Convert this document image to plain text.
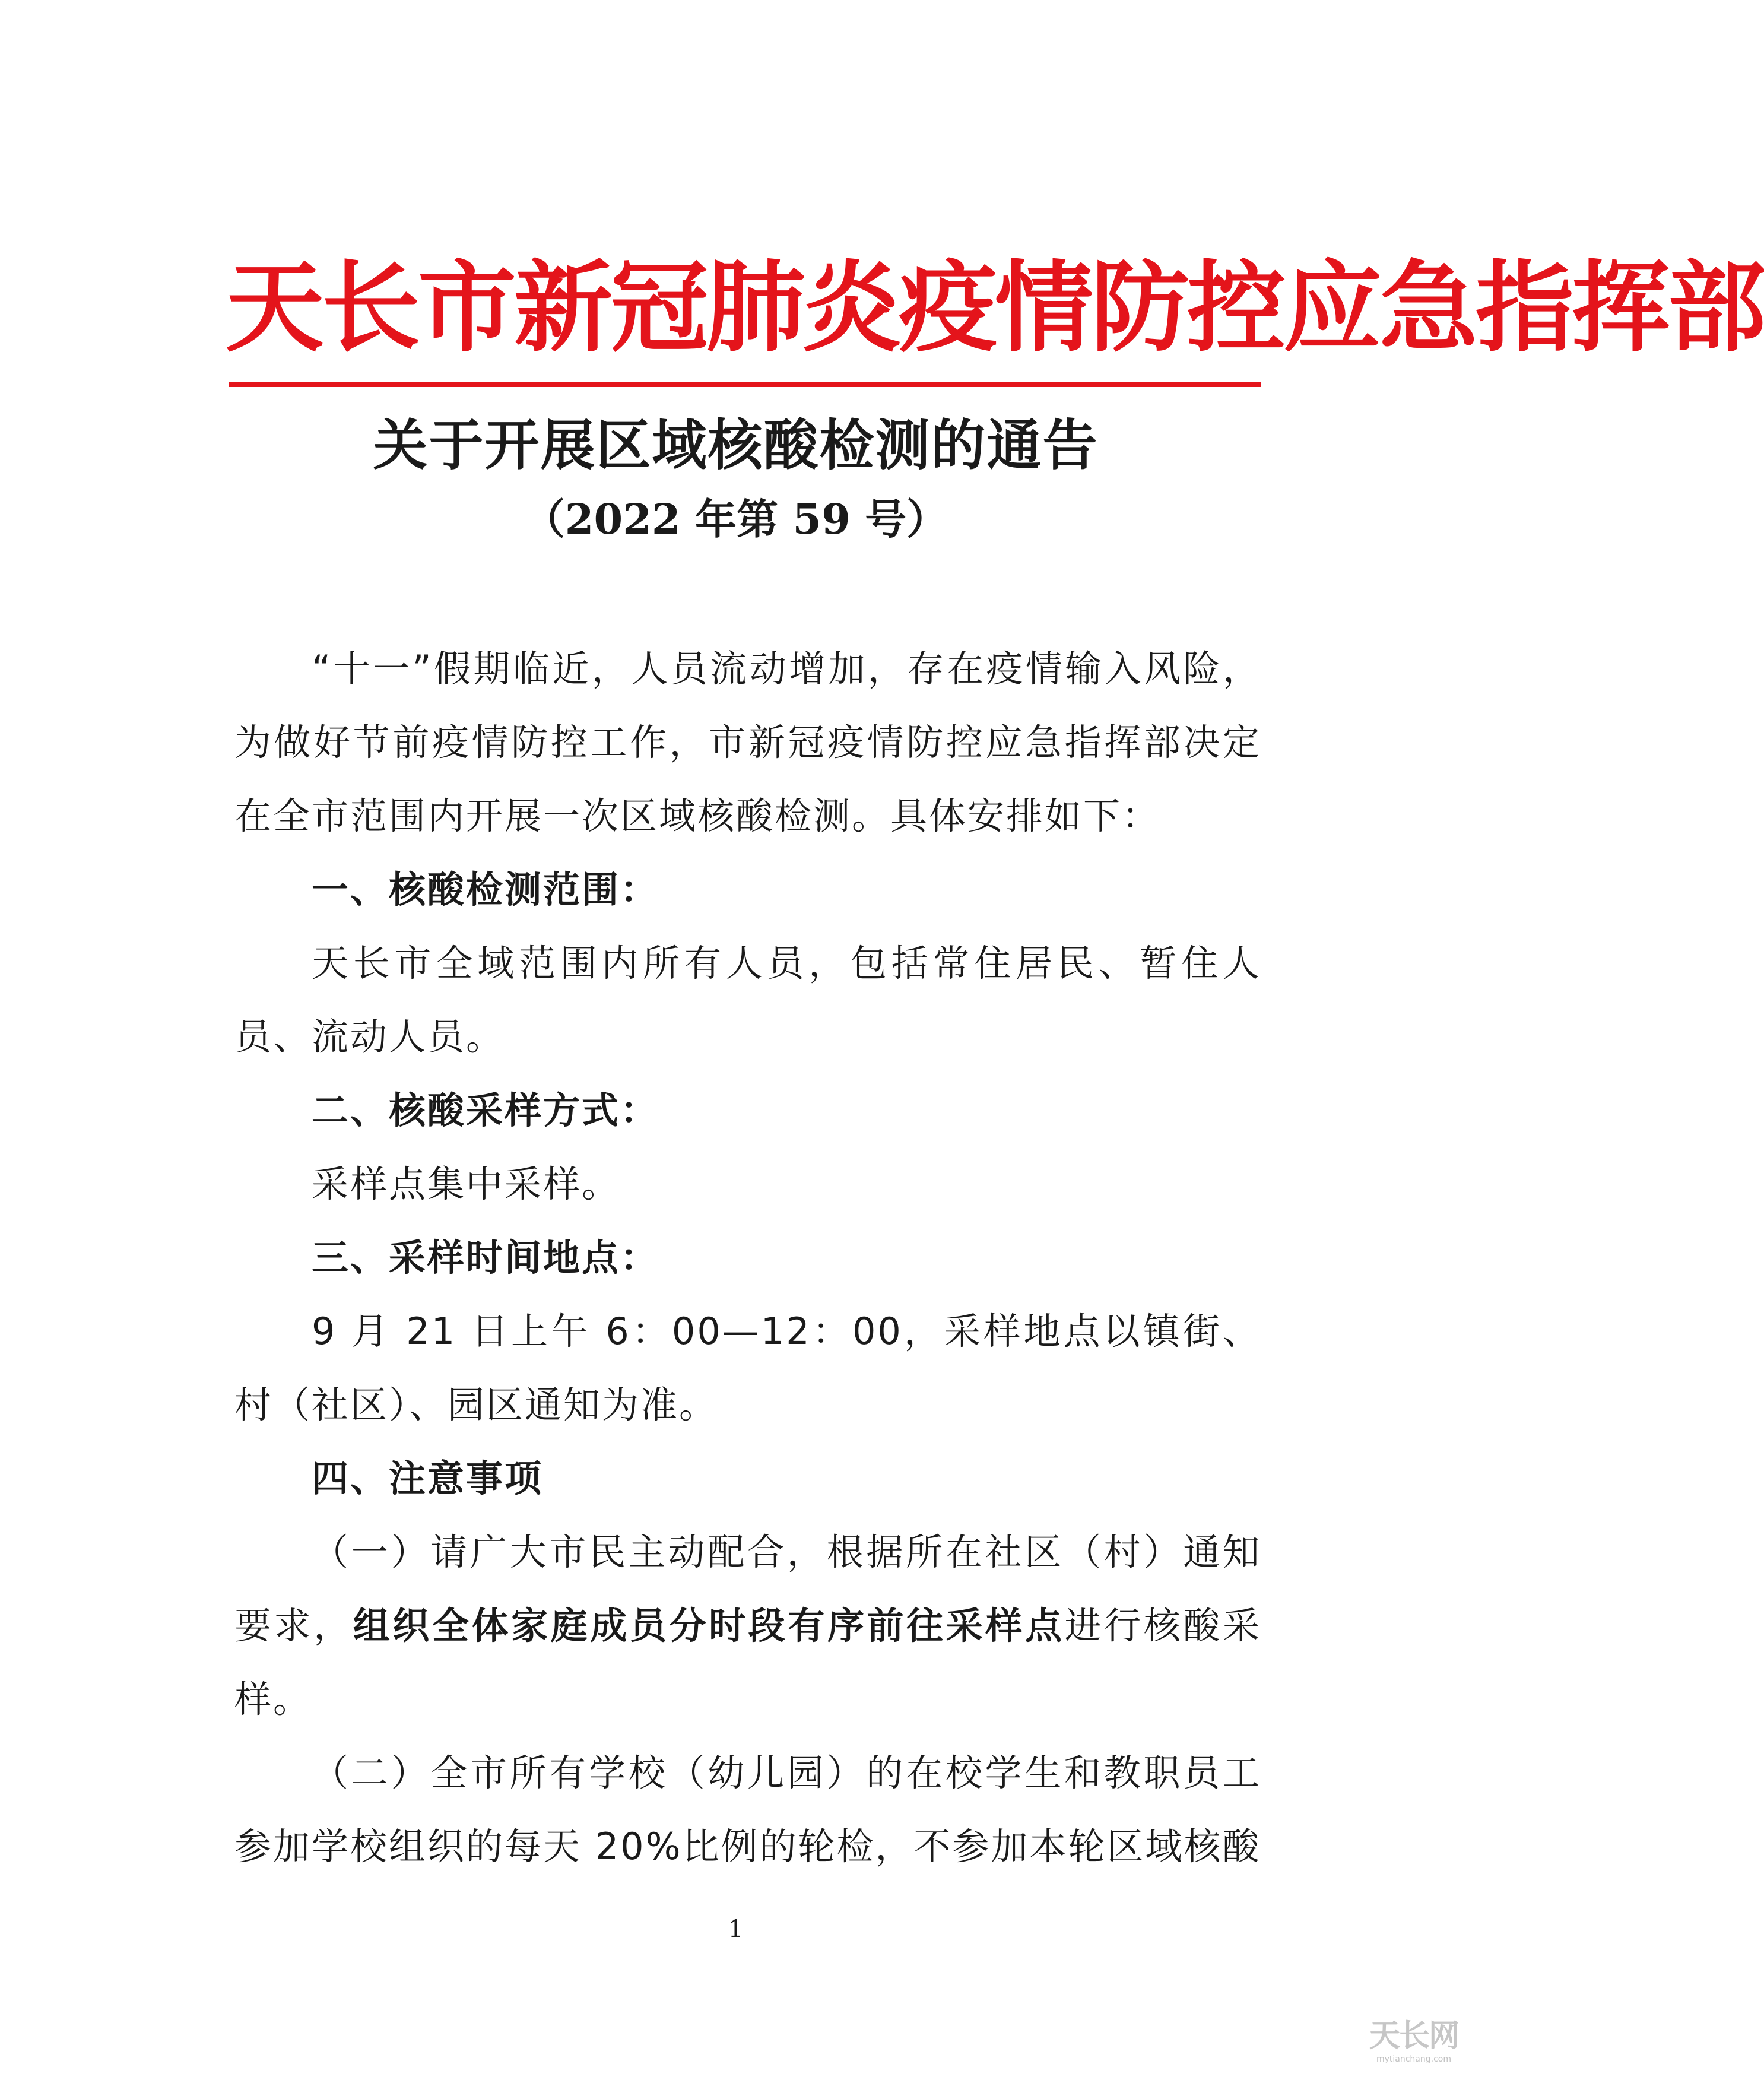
天长市新冠肺炎疫情防控应急指挥部
关于开展区域核酸检测的通告
（2022 年第 59 号）

“十一”假期临近，人员流动增加，存在疫情输入风险，为做好节前疫情防控工作，市新冠疫情防控应急指挥部决定在全市范围内开展一次区域核酸检测。具体安排如下：

一、核酸检测范围：

天长市全域范围内所有人员，包括常住居民、暂住人员、流动人员。

二、核酸采样方式：

采样点集中采样。

三、采样时间地点：

9 月 21 日上午 6：00—12：00，采样地点以镇街、村（社区）、园区通知为准。

四、注意事项

（一）请广大市民主动配合，根据所在社区（村）通知要求，组织全体家庭成员分时段有序前往采样点进行核酸采样。

（二）全市所有学校（幼儿园）的在校学生和教职员工参加学校组织的每天 20%比例的轮检，不参加本轮区域核酸

1
天长网
mytianchang.com
